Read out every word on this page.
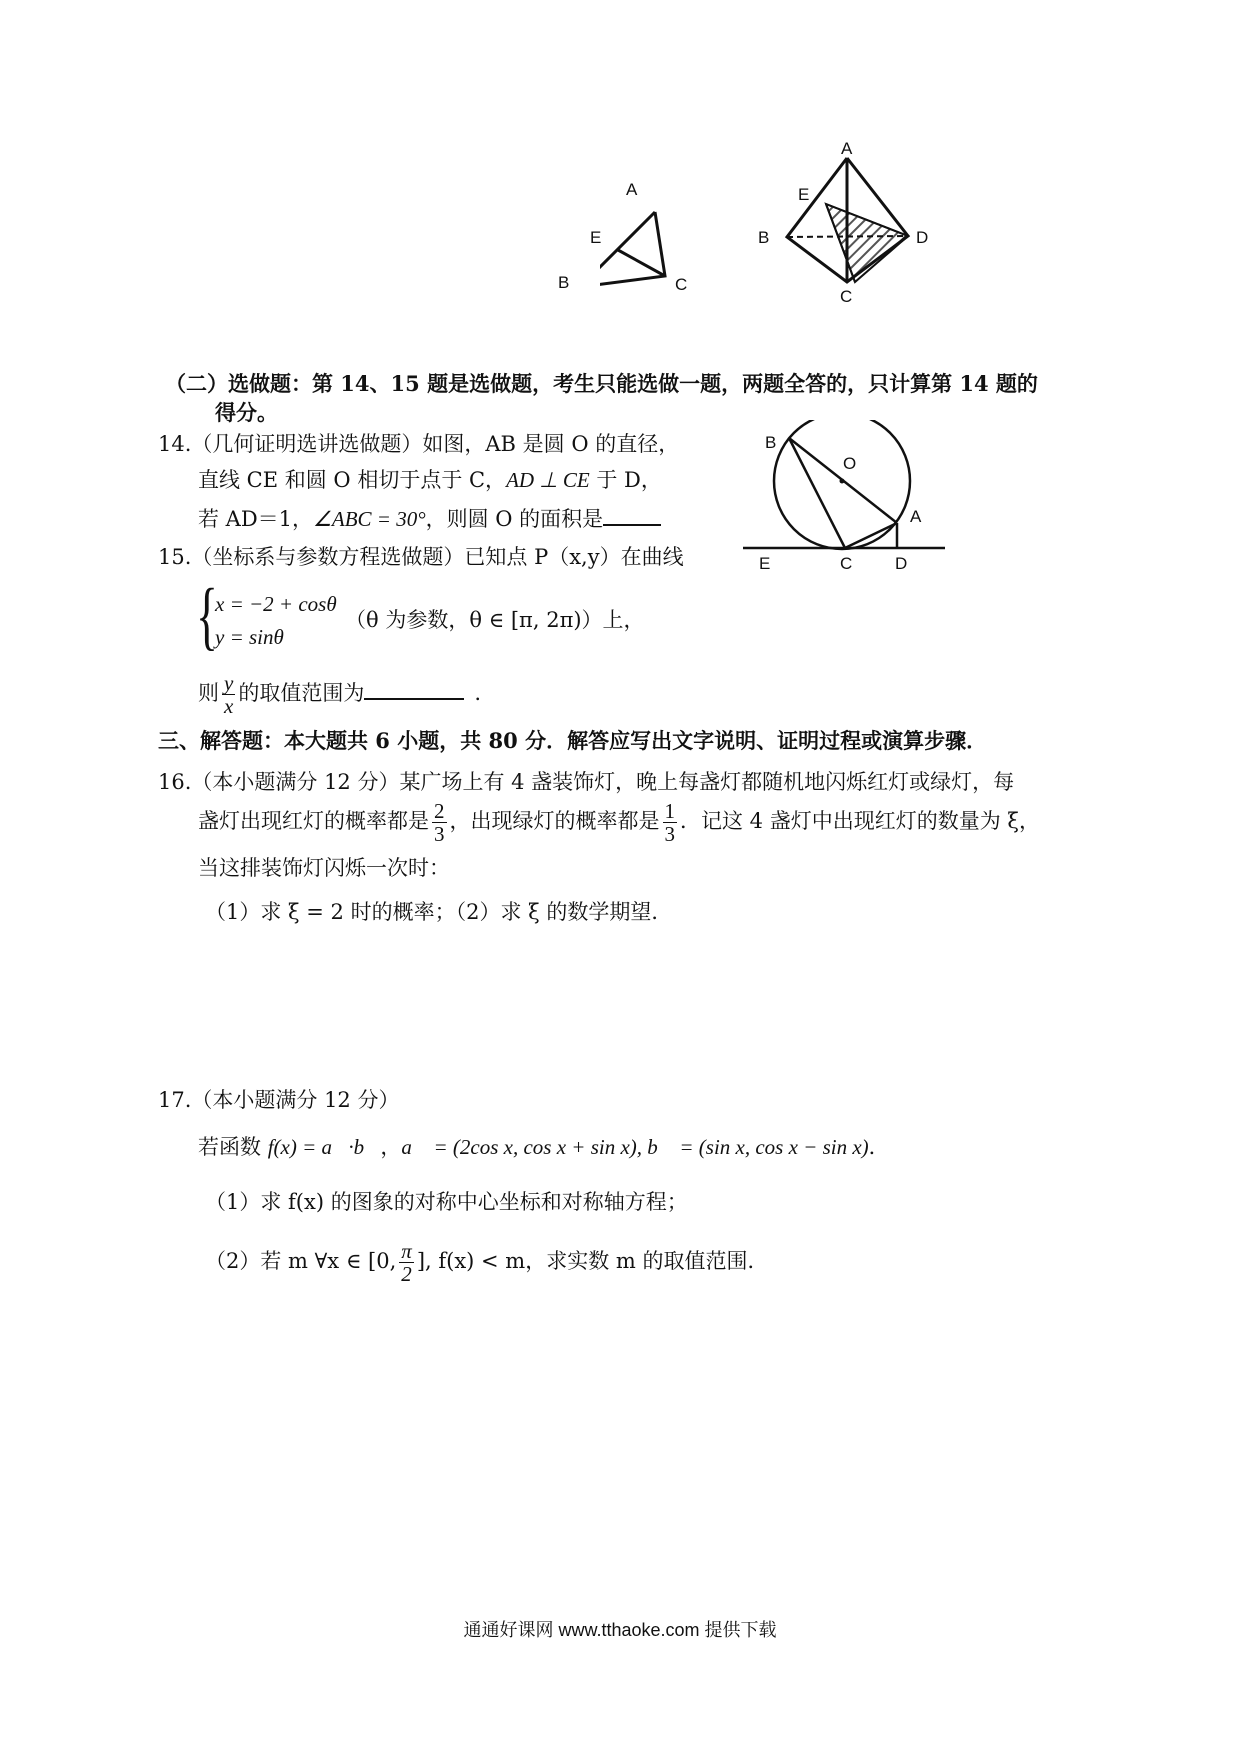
A
E
B	C
A
E
B	D
C
（二）选做题：第 14、15 题是选做题，考生只能选做一题，两题全答的，只计算第 14 题的
得分。
14.（几何证明选讲选做题）如图，AB 是圆 O 的直径，
直线 CE 和圆 O 相切于点于 C，AD ⊥ CE 于 D，
若 AD＝1，∠ABC = 30°，则圆 O 的面积是
B
O
A
E	C	D
15.（坐标系与参数方程选做题）已知点 P（x,y）在曲线
{
x = −2 + cosθ
y = sinθ
（θ 为参数，θ ∈ [π, 2π)）上，
则 $\frac{y}{x}$ 的取值范围为	.
三、解答题：本大题共 6 小题，共 80 分．解答应写出文字说明、证明过程或演算步骤．
16.（本小题满分 12 分）某广场上有 4 盏装饰灯，晚上每盏灯都随机地闪烁红灯或绿灯，每
盏灯出现红灯的概率都是 $\frac{2}{3}$ ，出现绿灯的概率都是 $\frac{1}{3}$ ．记这 4 盏灯中出现红灯的数量为 ξ，
当这排装饰灯闪烁一次时：
（1）求 ξ = 2 时的概率；（2）求 ξ 的数学期望．
17.（本小题满分 12 分）
若函数 f(x) = a⃗·b⃗，a⃗ = (2cos x, cos x + sin x), b⃗ = (sin x, cos x − sin x)．
（1）求 f(x) 的图象的对称中心坐标和对称轴方程；
（2）若 m ∀x ∈ [0, $\frac{\pi}{2}$ ], f(x) < m，求实数 m 的取值范围．
通通好课网 www.tthaoke.com 提供下载
